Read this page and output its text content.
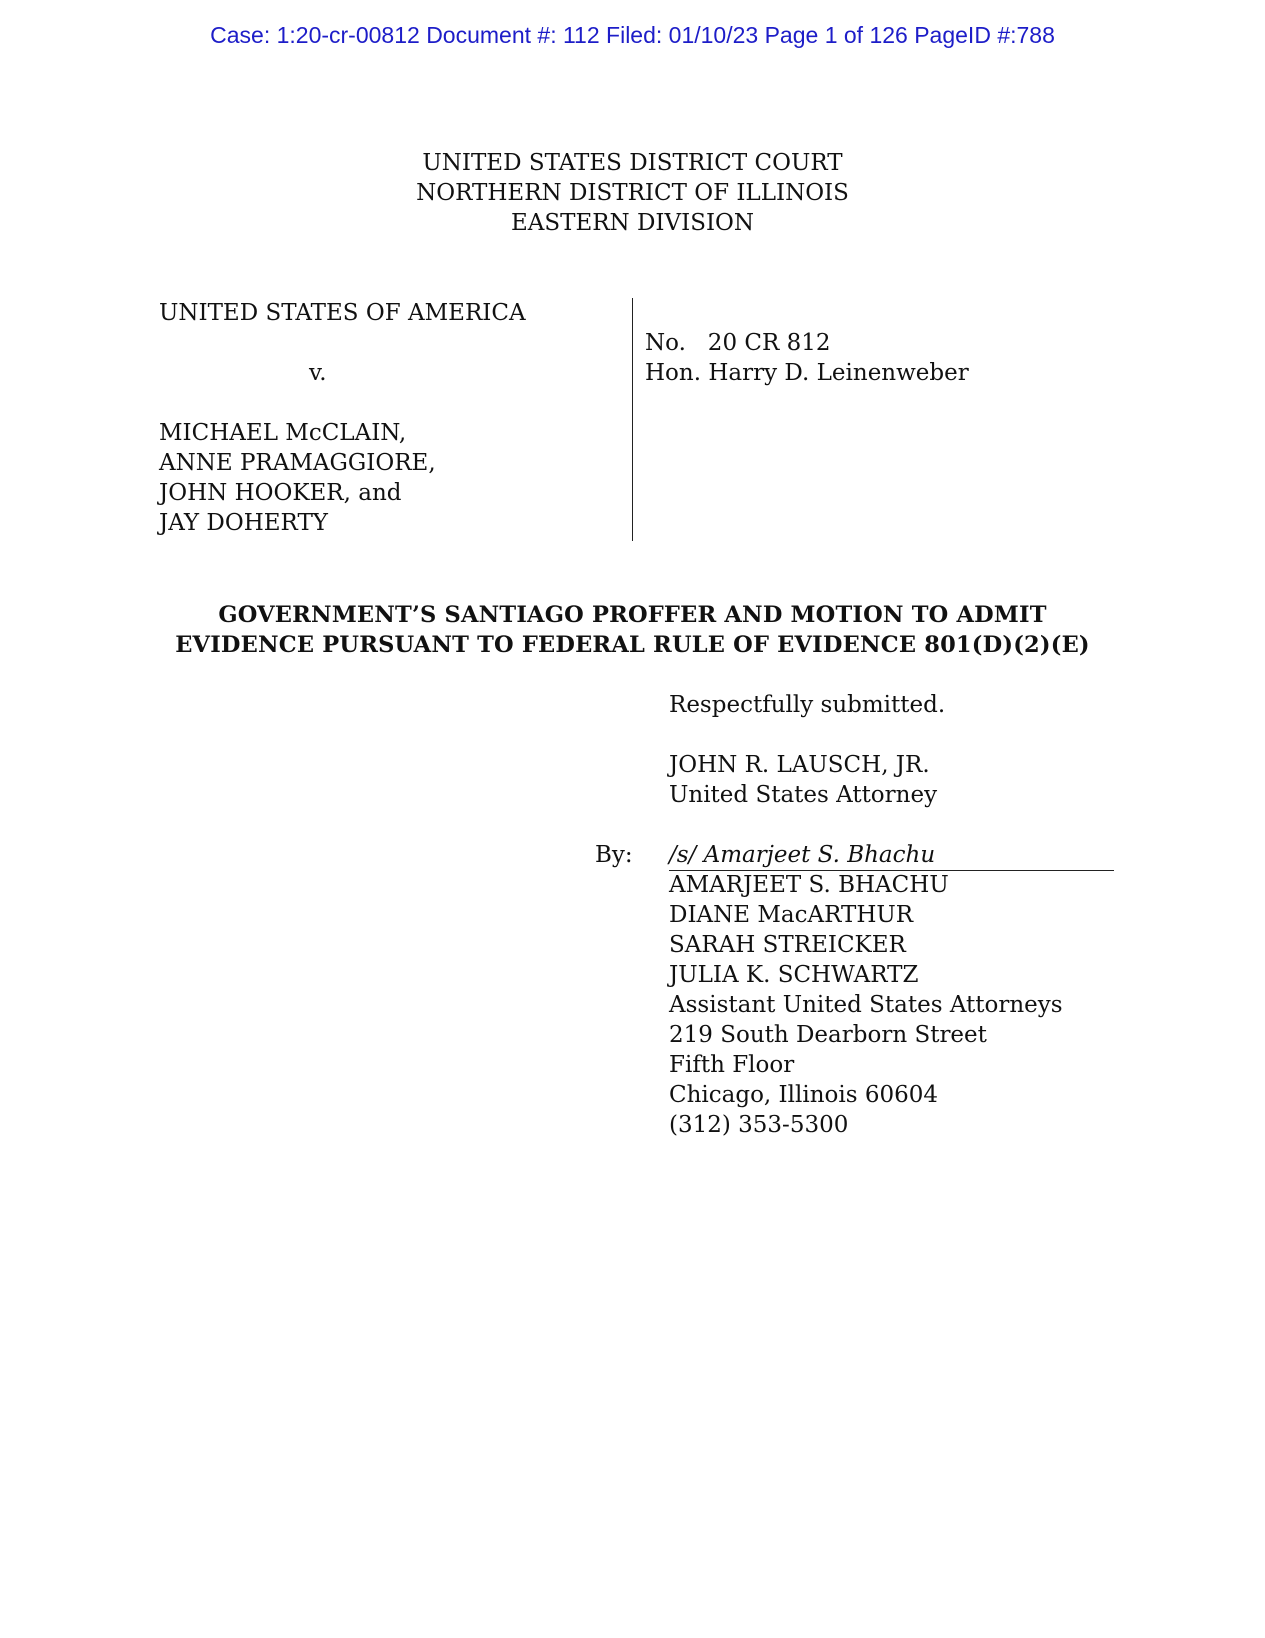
Case: 1:20-cr-00812 Document #: 112 Filed: 01/10/23 Page 1 of 126 PageID #:788
UNITED STATES DISTRICT COURT
NORTHERN DISTRICT OF ILLINOIS
EASTERN DIVISION
UNITED STATES OF AMERICA
v.
MICHAEL McCLAIN,
ANNE PRAMAGGIORE,
JOHN HOOKER, and
JAY DOHERTY
No.   20 CR 812
Hon. Harry D. Leinenweber
GOVERNMENT’S SANTIAGO PROFFER AND MOTION TO ADMIT
EVIDENCE PURSUANT TO FEDERAL RULE OF EVIDENCE 801(D)(2)(E)
Respectfully submitted.
JOHN R. LAUSCH, JR.
United States Attorney
By: /s/ Amarjeet S. Bhachu
AMARJEET S. BHACHU
DIANE MacARTHUR
SARAH STREICKER
JULIA K. SCHWARTZ
Assistant United States Attorneys
219 South Dearborn Street
Fifth Floor
Chicago, Illinois 60604
(312) 353-5300
